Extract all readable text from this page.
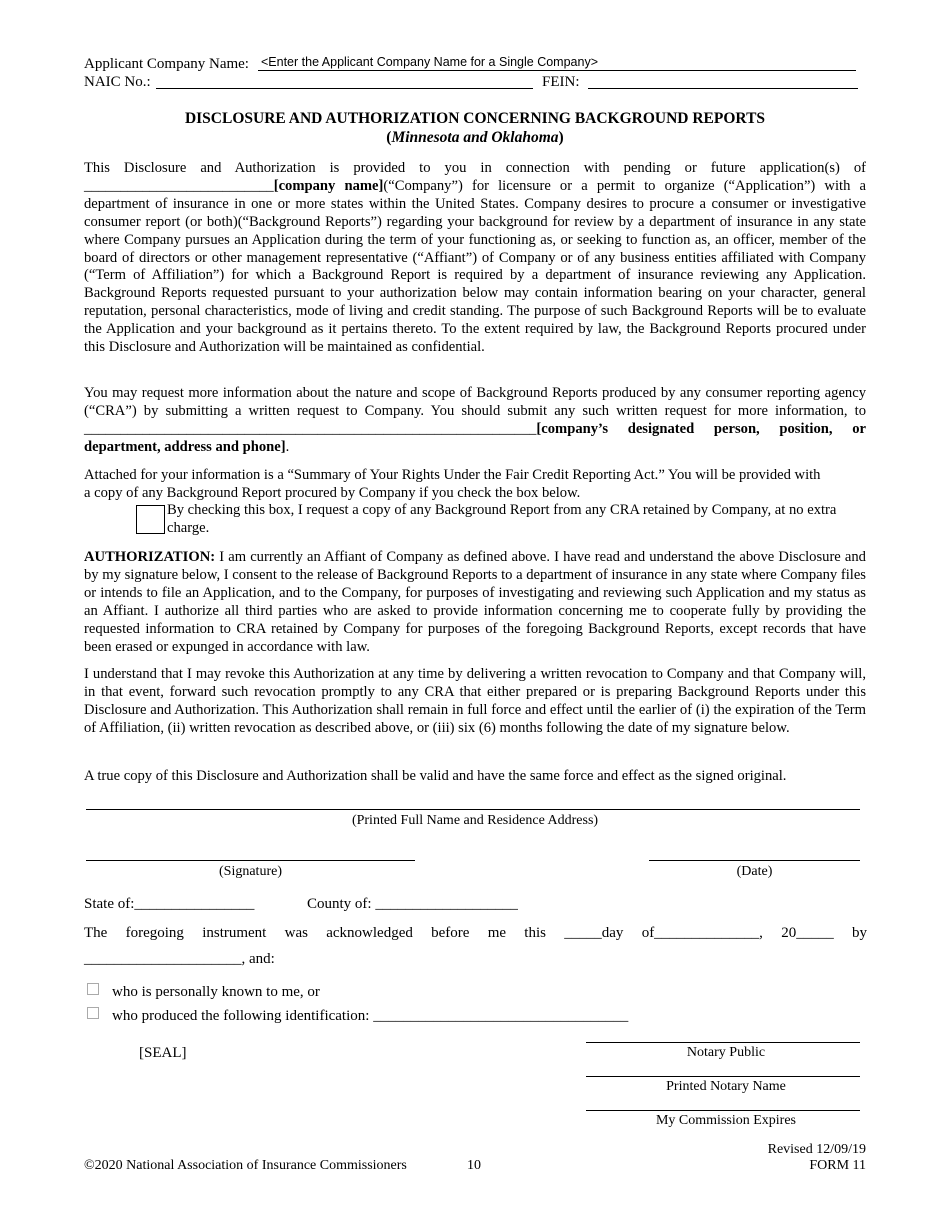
Applicant Company Name: <Enter the Applicant Company Name for a Single Company>
NAIC No.:	FEIN:
DISCLOSURE AND AUTHORIZATION CONCERNING BACKGROUND REPORTS
(Minnesota and Oklahoma)
This Disclosure and Authorization is provided to you in connection with pending or future application(s) of __________________________[company name](“Company”) for licensure or a permit to organize (“Application”) with a department of insurance in one or more states within the United States. Company desires to procure a consumer or investigative consumer report (or both)(“Background Reports”) regarding your background for review by a department of insurance in any state where Company pursues an Application during the term of your functioning as, or seeking to function as, an officer, member of the board of directors or other management representative (“Affiant”) of Company or of any business entities affiliated with Company (“Term of Affiliation”) for which a Background Report is required by a department of insurance reviewing any Application. Background Reports requested pursuant to your authorization below may contain information bearing on your character, general reputation, personal characteristics, mode of living and credit standing. The purpose of such Background Reports will be to evaluate the Application and your background as it pertains thereto. To the extent required by law, the Background Reports procured under this Disclosure and Authorization will be maintained as confidential.
You may request more information about the nature and scope of Background Reports produced by any consumer reporting agency (“CRA”) by submitting a written request to Company. You should submit any such written request for more information, to ______________________________________________________________[company’s designated person, position, or department, address and phone].
Attached for your information is a “Summary of Your Rights Under the Fair Credit Reporting Act.” You will be provided with a copy of any Background Report procured by Company if you check the box below.
By checking this box, I request a copy of any Background Report from any CRA retained by Company, at no extra charge.
AUTHORIZATION: I am currently an Affiant of Company as defined above. I have read and understand the above Disclosure and by my signature below, I consent to the release of Background Reports to a department of insurance in any state where Company files or intends to file an Application, and to the Company, for purposes of investigating and reviewing such Application and my status as an Affiant. I authorize all third parties who are asked to provide information concerning me to cooperate fully by providing the requested information to CRA retained by Company for purposes of the foregoing Background Reports, except records that have been erased or expunged in accordance with law.
I understand that I may revoke this Authorization at any time by delivering a written revocation to Company and that Company will, in that event, forward such revocation promptly to any CRA that either prepared or is preparing Background Reports under this Disclosure and Authorization. This Authorization shall remain in full force and effect until the earlier of (i) the expiration of the Term of Affiliation, (ii) written revocation as described above, or (iii) six (6) months following the date of my signature below.
A true copy of this Disclosure and Authorization shall be valid and have the same force and effect as the signed original.
(Printed Full Name and Residence Address)
(Signature)	(Date)
State of:________________	County of: ___________________
The foregoing instrument was acknowledged before me this _____day of______________, 20_____ by
_____________________, and:
who is personally known to me, or
who produced the following identification: __________________________________
[SEAL]	Notary Public
Printed Notary Name
My Commission Expires
Revised 12/09/19
©2020 National Association of Insurance Commissioners	10	FORM 11
